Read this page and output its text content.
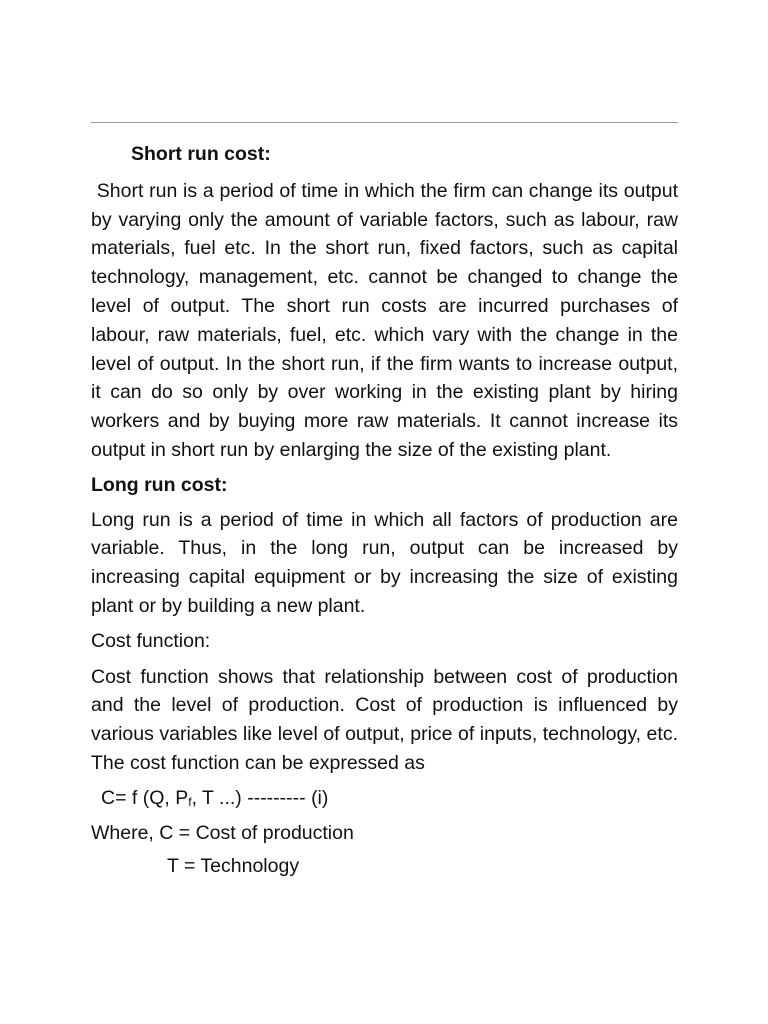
Short run cost:

Short run is a period of time in which the firm can change its output by varying only the amount of variable factors, such as labour, raw materials, fuel etc. In the short run, fixed factors, such as capital technology, management, etc. cannot be changed to change the level of output. The short run costs are incurred purchases of labour, raw materials, fuel, etc. which vary with the change in the level of output. In the short run, if the firm wants to increase output, it can do so only by over working in the existing plant by hiring workers and by buying more raw materials. It cannot increase its output in short run by enlarging the size of the existing plant.

Long run cost:

Long run is a period of time in which all factors of production are variable. Thus, in the long run, output can be increased by increasing capital equipment or by increasing the size of existing plant or by building a new plant.

Cost function:

Cost function shows that relationship between cost of production and the level of production. Cost of production is influenced by various variables like level of output, price of inputs, technology, etc. The cost function can be expressed as

C= f (Q, $P_f$, T ...) --------- (i)

Where, C = Cost of production

T = Technology
